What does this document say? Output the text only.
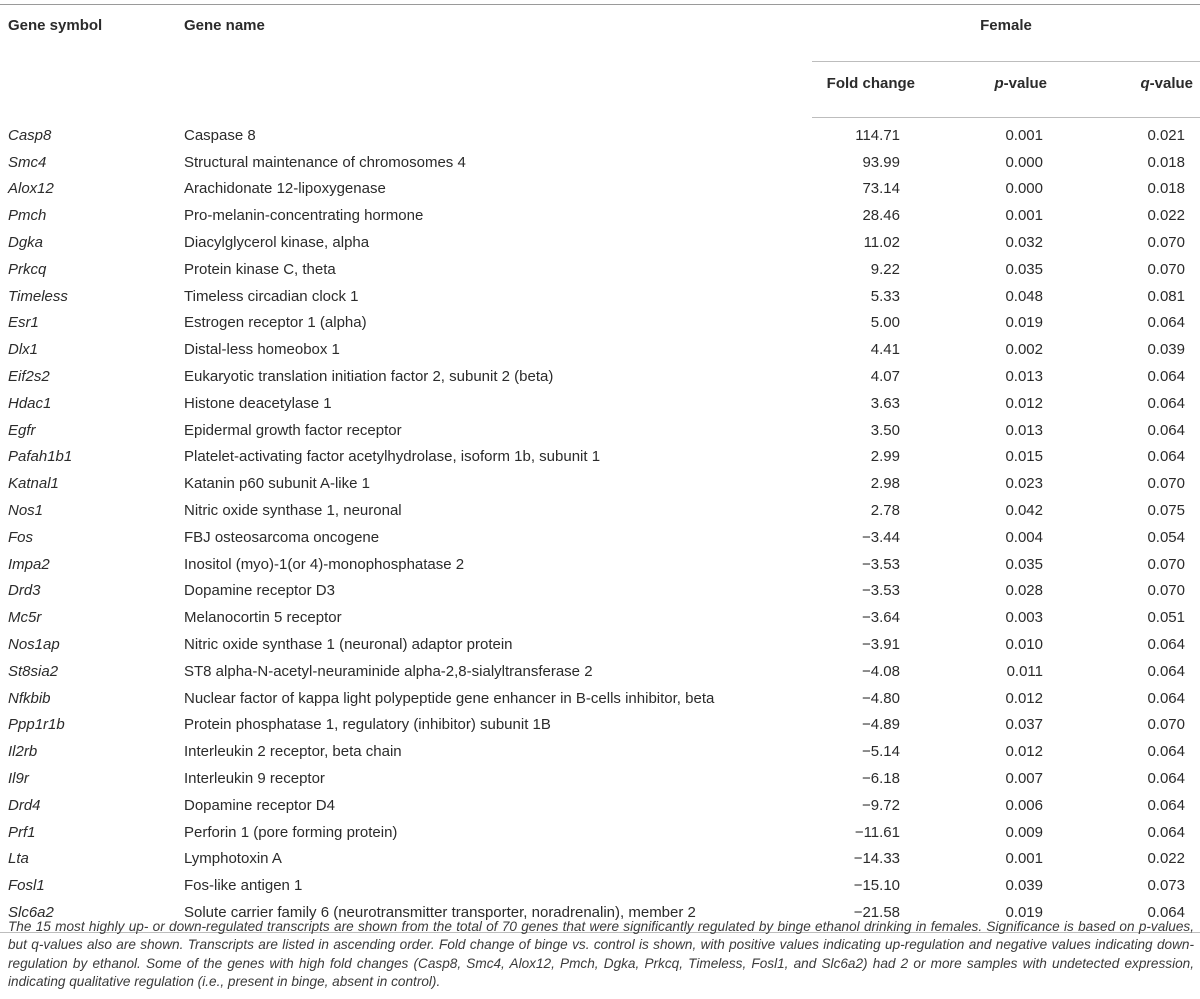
Gene symbol	Gene name	Female		
		Fold change	p-value	q-value
Casp8	Caspase 8	114.71	0.001	0.021
Smc4	Structural maintenance of chromosomes 4	93.99	0.000	0.018
Alox12	Arachidonate 12-lipoxygenase	73.14	0.000	0.018
Pmch	Pro-melanin-concentrating hormone	28.46	0.001	0.022
Dgka	Diacylglycerol kinase, alpha	11.02	0.032	0.070
Prkcq	Protein kinase C, theta	9.22	0.035	0.070
Timeless	Timeless circadian clock 1	5.33	0.048	0.081
Esr1	Estrogen receptor 1 (alpha)	5.00	0.019	0.064
Dlx1	Distal-less homeobox 1	4.41	0.002	0.039
Eif2s2	Eukaryotic translation initiation factor 2, subunit 2 (beta)	4.07	0.013	0.064
Hdac1	Histone deacetylase 1	3.63	0.012	0.064
Egfr	Epidermal growth factor receptor	3.50	0.013	0.064
Pafah1b1	Platelet-activating factor acetylhydrolase, isoform 1b, subunit 1	2.99	0.015	0.064
Katnal1	Katanin p60 subunit A-like 1	2.98	0.023	0.070
Nos1	Nitric oxide synthase 1, neuronal	2.78	0.042	0.075
Fos	FBJ osteosarcoma oncogene	−3.44	0.004	0.054
Impa2	Inositol (myo)-1(or 4)-monophosphatase 2	−3.53	0.035	0.070
Drd3	Dopamine receptor D3	−3.53	0.028	0.070
Mc5r	Melanocortin 5 receptor	−3.64	0.003	0.051
Nos1ap	Nitric oxide synthase 1 (neuronal) adaptor protein	−3.91	0.010	0.064
St8sia2	ST8 alpha-N-acetyl-neuraminide alpha-2,8-sialyltransferase 2	−4.08	0.011	0.064
Nfkbib	Nuclear factor of kappa light polypeptide gene enhancer in B-cells inhibitor, beta	−4.80	0.012	0.064
Ppp1r1b	Protein phosphatase 1, regulatory (inhibitor) subunit 1B	−4.89	0.037	0.070
Il2rb	Interleukin 2 receptor, beta chain	−5.14	0.012	0.064
Il9r	Interleukin 9 receptor	−6.18	0.007	0.064
Drd4	Dopamine receptor D4	−9.72	0.006	0.064
Prf1	Perforin 1 (pore forming protein)	−11.61	0.009	0.064
Lta	Lymphotoxin A	−14.33	0.001	0.022
Fosl1	Fos-like antigen 1	−15.10	0.039	0.073
Slc6a2	Solute carrier family 6 (neurotransmitter transporter, noradrenalin), member 2	−21.58	0.019	0.064

The 15 most highly up- or down-regulated transcripts are shown from the total of 70 genes that were significantly regulated by binge ethanol drinking in females. Significance is based on p-values, but q-values also are shown. Transcripts are listed in ascending order. Fold change of binge vs. control is shown, with positive values indicating up-regulation and negative values indicating down-regulation by ethanol. Some of the genes with high fold changes (Casp8, Smc4, Alox12, Pmch, Dgka, Prkcq, Timeless, Fosl1, and Slc6a2) had 2 or more samples with undetected expression, indicating qualitative regulation (i.e., present in binge, absent in control).
